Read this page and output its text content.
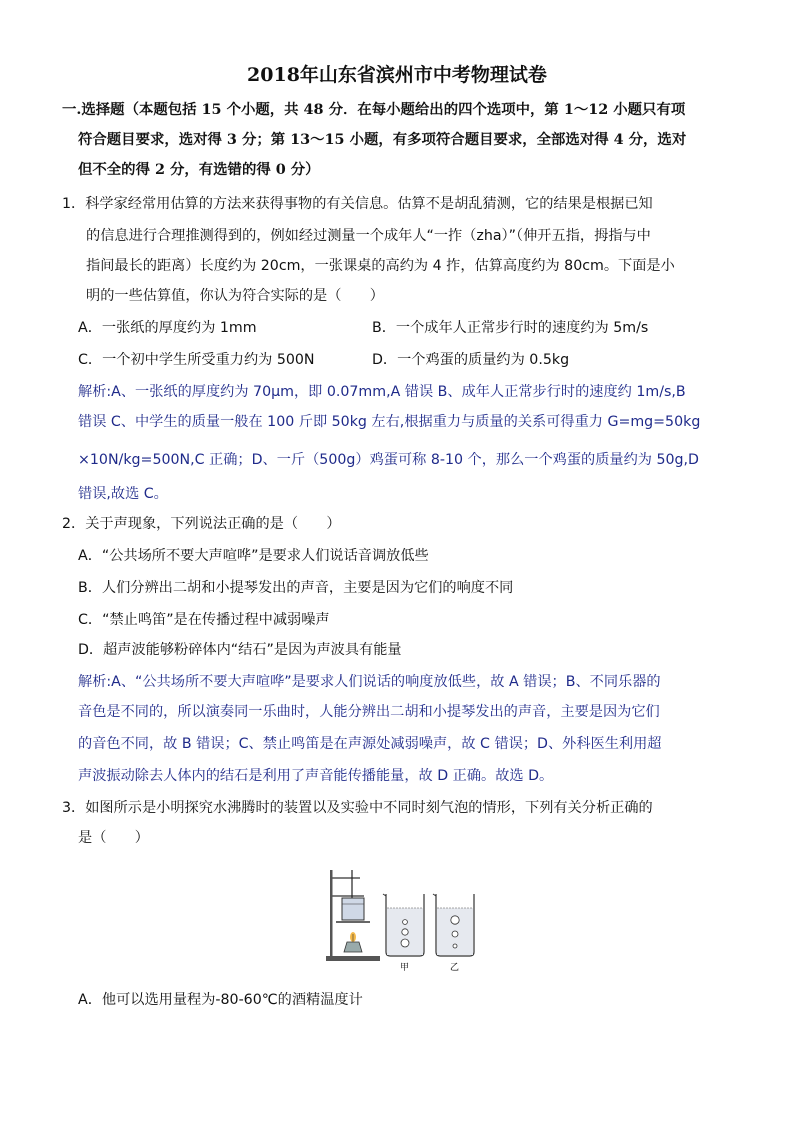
2018年山东省滨州市中考物理试卷
一.选择题（本题包括 15 个小题，共 48 分．在每小题给出的四个选项中，第 1～12 小题只有项
符合题目要求，选对得 3 分；第 13～15 小题，有多项符合题目要求，全部选对得 4 分，选对
但不全的得 2 分，有选错的得 0 分）
1．科学家经常用估算的方法来获得事物的有关信息。估算不是胡乱猜测，它的结果是根据已知
的信息进行合理推测得到的，例如经过测量一个成年人“一拃（zha）”（伸开五指，拇指与中
指间最长的距离）长度约为 20cm，一张课桌的高约为 4 拃，估算高度约为 80cm。下面是小
明的一些估算值，你认为符合实际的是（　　）
A．一张纸的厚度约为 1mm	B．一个成年人正常步行时的速度约为 5m/s
C．一个初中学生所受重力约为 500N	D．一个鸡蛋的质量约为 0.5kg
解析:A、一张纸的厚度约为 70μm，即 0.07mm,A 错误 B、成年人正常步行时的速度约 1m/s,B
错误 C、中学生的质量一般在 100 斤即 50kg 左右,根据重力与质量的关系可得重力 G=mg=50kg
×10N/kg=500N,C 正确；D、一斤（500g）鸡蛋可称 8-10 个，那么一个鸡蛋的质量约为 50g,D
错误,故选 C。
2．关于声现象，下列说法正确的是（　　）
A．“公共场所不要大声喧哗”是要求人们说话音调放低些
B．人们分辨出二胡和小提琴发出的声音，主要是因为它们的响度不同
C．“禁止鸣笛”是在传播过程中减弱噪声
D．超声波能够粉碎体内“结石”是因为声波具有能量
解析:A、“公共场所不要大声喧哗”是要求人们说话的响度放低些，故 A 错误；B、不同乐器的
音色是不同的，所以演奏同一乐曲时，人能分辨出二胡和小提琴发出的声音，主要是因为它们
的音色不同，故 B 错误；C、禁止鸣笛是在声源处减弱噪声，故 C 错误；D、外科医生利用超
声波振动除去人体内的结石是利用了声音能传播能量，故 D 正确。故选 D。
3．如图所示是小明探究水沸腾时的装置以及实验中不同时刻气泡的情形，下列有关分析正确的
是（　　）
甲	乙
A．他可以选用量程为-80-60℃的酒精温度计
